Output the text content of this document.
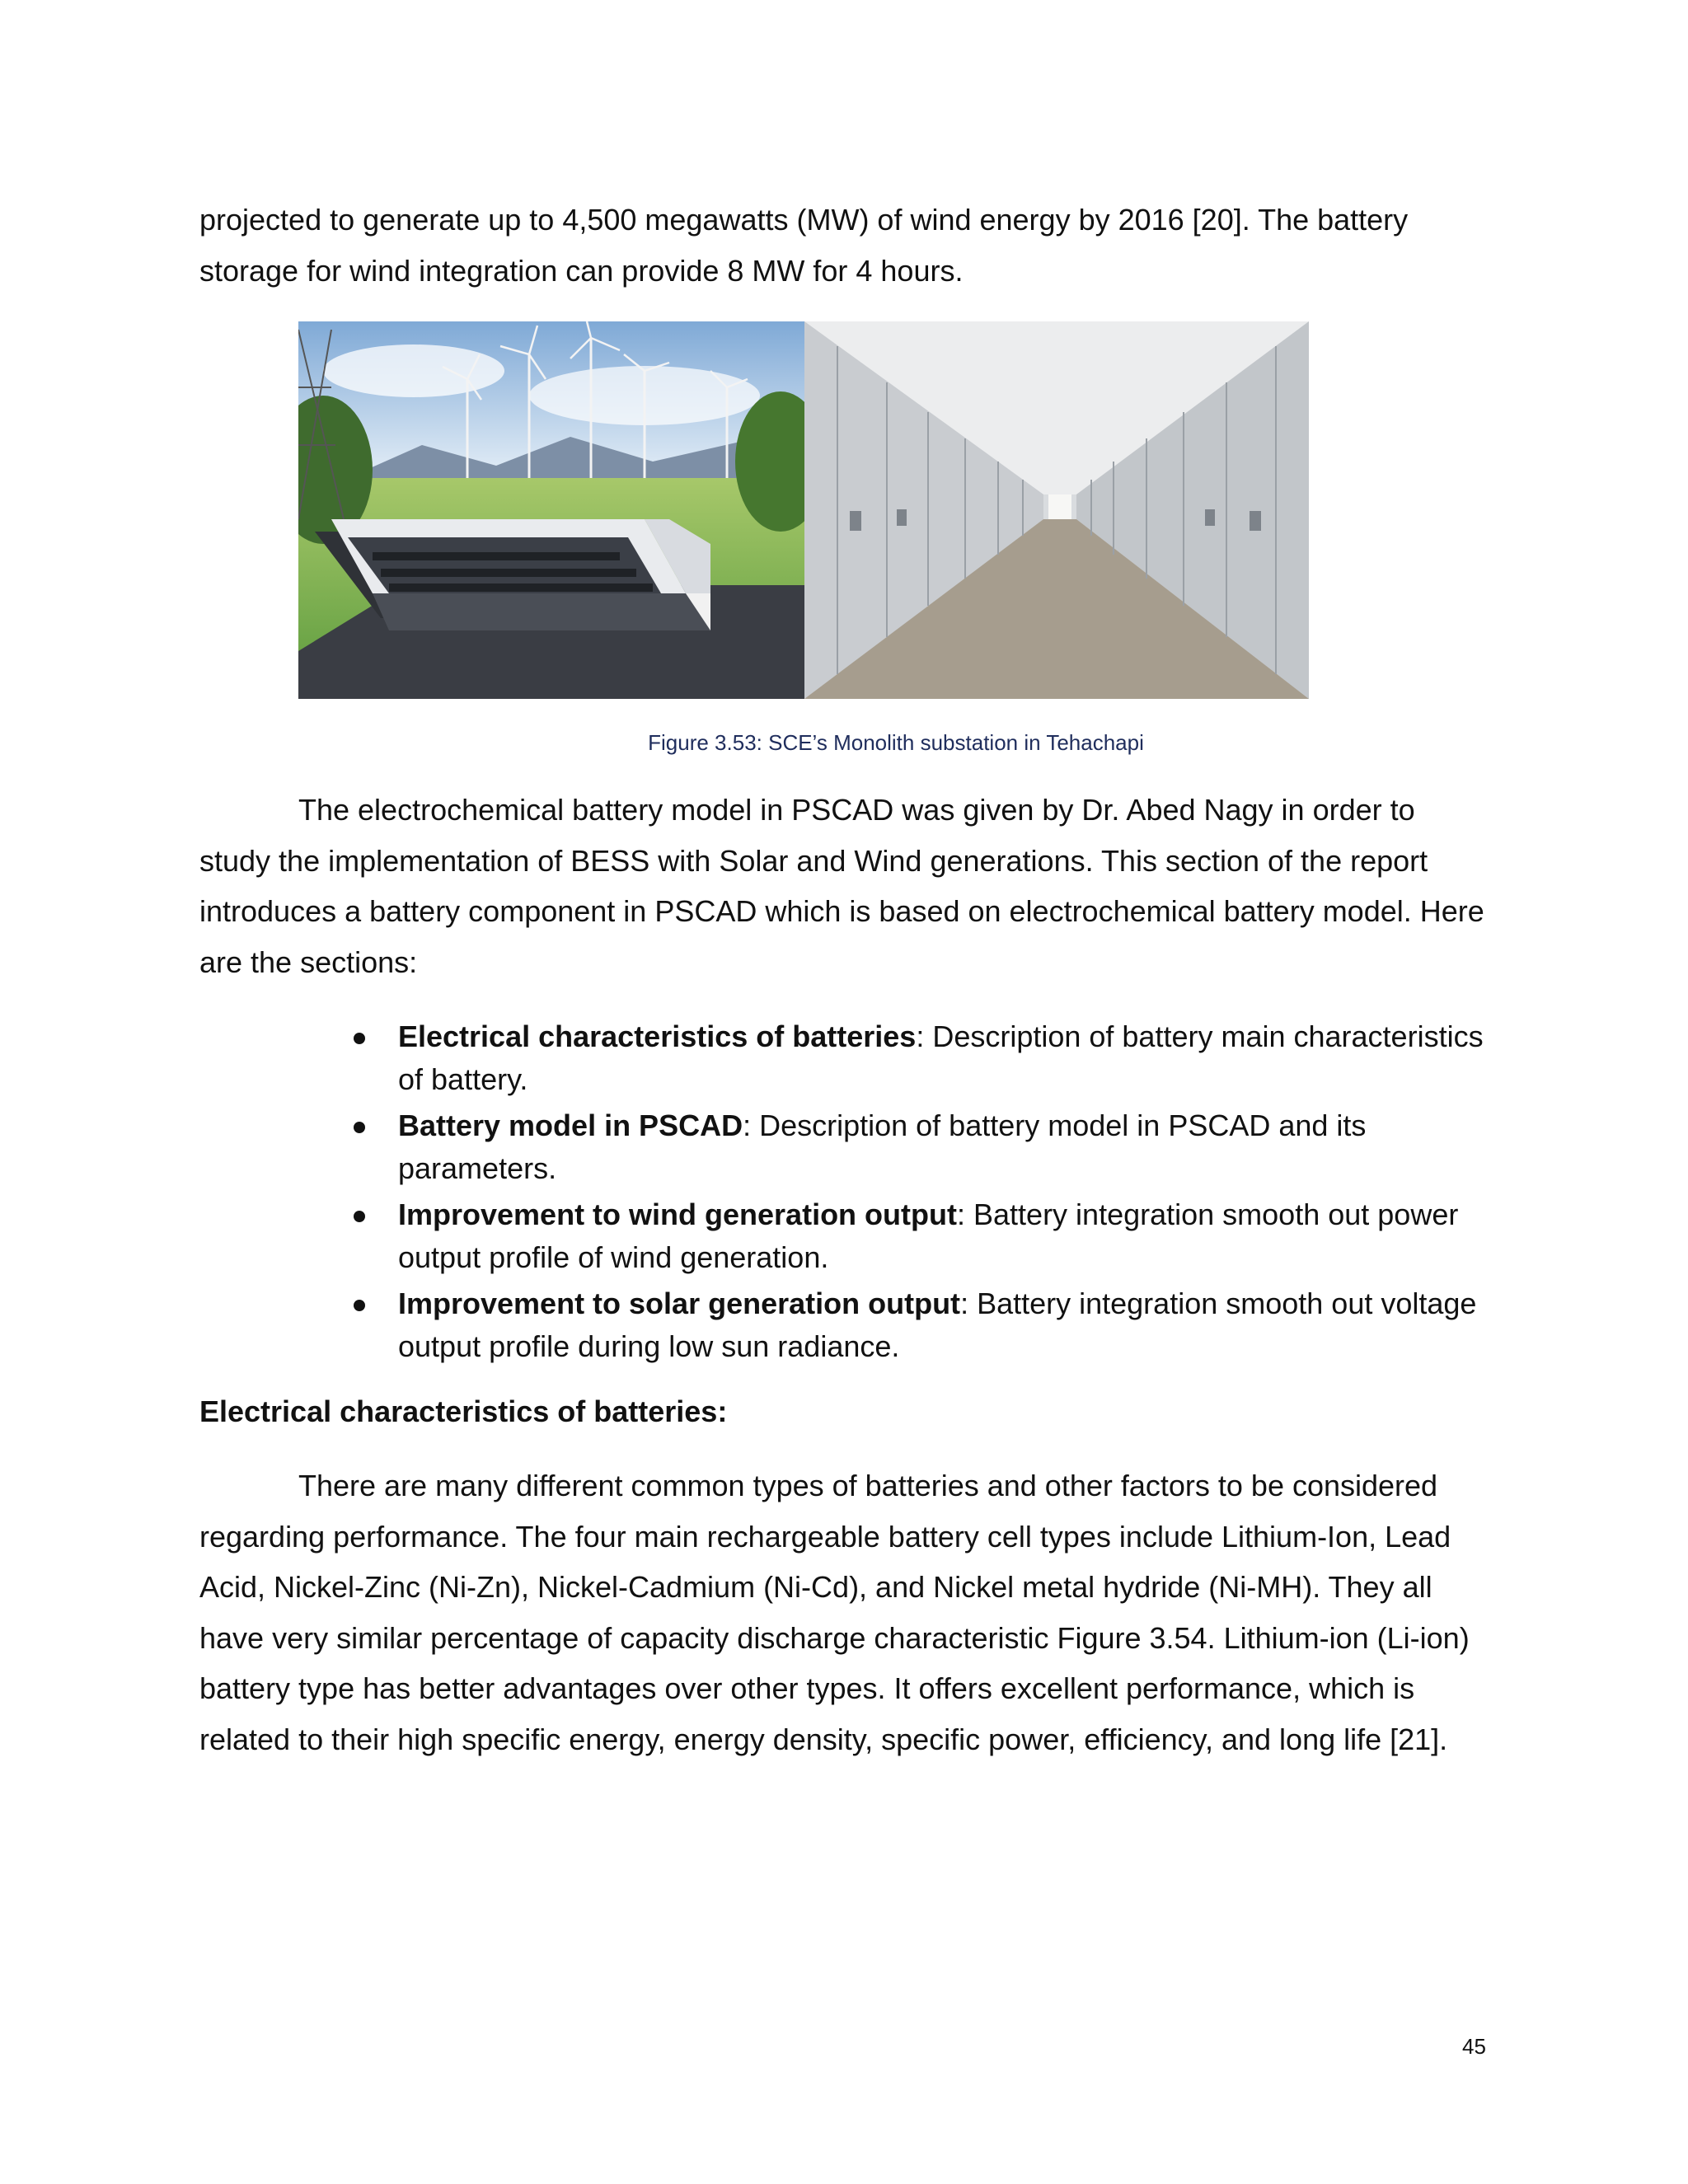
projected to generate up to 4,500 megawatts (MW) of wind energy by 2016 [20]. The battery storage for wind integration can provide 8 MW for 4 hours.

Figure 3.53: SCE’s Monolith substation in Tehachapi

The electrochemical battery model in PSCAD was given by Dr. Abed Nagy in order to study the implementation of BESS with Solar and Wind generations. This section of the report introduces a battery component in PSCAD which is based on electrochemical battery model. Here are the sections:

Electrical characteristics of batteries: Description of battery main characteristics of battery.
Battery model in PSCAD: Description of battery model in PSCAD and its parameters.
Improvement to wind generation output: Battery integration smooth out power output profile of wind generation.
Improvement to solar generation output: Battery integration smooth out voltage output profile during low sun radiance.
Electrical characteristics of batteries:

There are many different common types of batteries and other factors to be considered regarding performance. The four main rechargeable battery cell types include Lithium-Ion, Lead Acid, Nickel-Zinc (Ni-Zn), Nickel-Cadmium (Ni-Cd), and Nickel metal hydride (Ni-MH). They all have very similar percentage of capacity discharge characteristic Figure 3.54. Lithium-ion (Li-ion) battery type has better advantages over other types. It offers excellent performance, which is related to their high specific energy, energy density, specific power, efficiency, and long life [21].

45
